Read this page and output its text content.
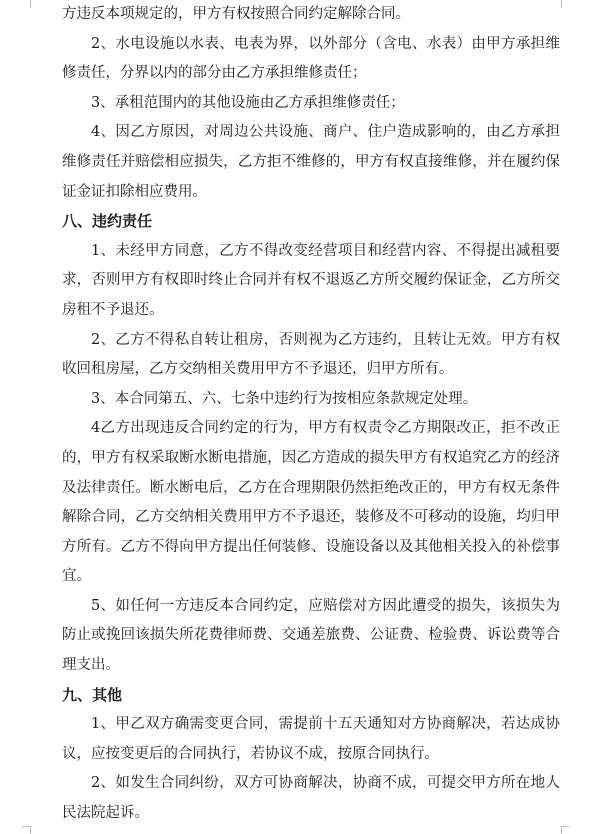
方违反本项规定的，甲方有权按照合同约定解除合同。

2、水电设施以水表、电表为界，以外部分（含电、水表）由甲方承担维修责任，分界以内的部分由乙方承担维修责任；

3、承租范围内的其他设施由乙方承担维修责任；

4、因乙方原因，对周边公共设施、商户、住户造成影响的，由乙方承担维修责任并赔偿相应损失，乙方拒不维修的，甲方有权直接维修，并在履约保证金证扣除相应费用。

八、违约责任

1、未经甲方同意，乙方不得改变经营项目和经营内容、不得提出减租要求，否则甲方有权即时终止合同并有权不退返乙方所交履约保证金，乙方所交房租不予退还。

2、乙方不得私自转让租房，否则视为乙方违约，且转让无效。甲方有权收回租房屋，乙方交纳相关费用甲方不予退还，归甲方所有。

3、本合同第五、六、七条中违约行为按相应条款规定处理。

4乙方出现违反合同约定的行为，甲方有权责令乙方期限改正，拒不改正的，甲方有权采取断水断电措施，因乙方造成的损失甲方有权追究乙方的经济及法律责任。断水断电后，乙方在合理期限仍然拒绝改正的，甲方有权无条件解除合同，乙方交纳相关费用甲方不予退还，装修及不可移动的设施，均归甲方所有。乙方不得向甲方提出任何装修、设施设备以及其他相关投入的补偿事宜。

5、如任何一方违反本合同约定，应赔偿对方因此遭受的损失，该损失为防止或挽回该损失所花费律师费、交通差旅费、公证费、检验费、诉讼费等合理支出。

九、其他

1、甲乙双方确需变更合同，需提前十五天通知对方协商解决，若达成协议，应按变更后的合同执行，若协议不成，按原合同执行。

2、如发生合同纠纷，双方可协商解决，协商不成，可提交甲方所在地人民法院起诉。
